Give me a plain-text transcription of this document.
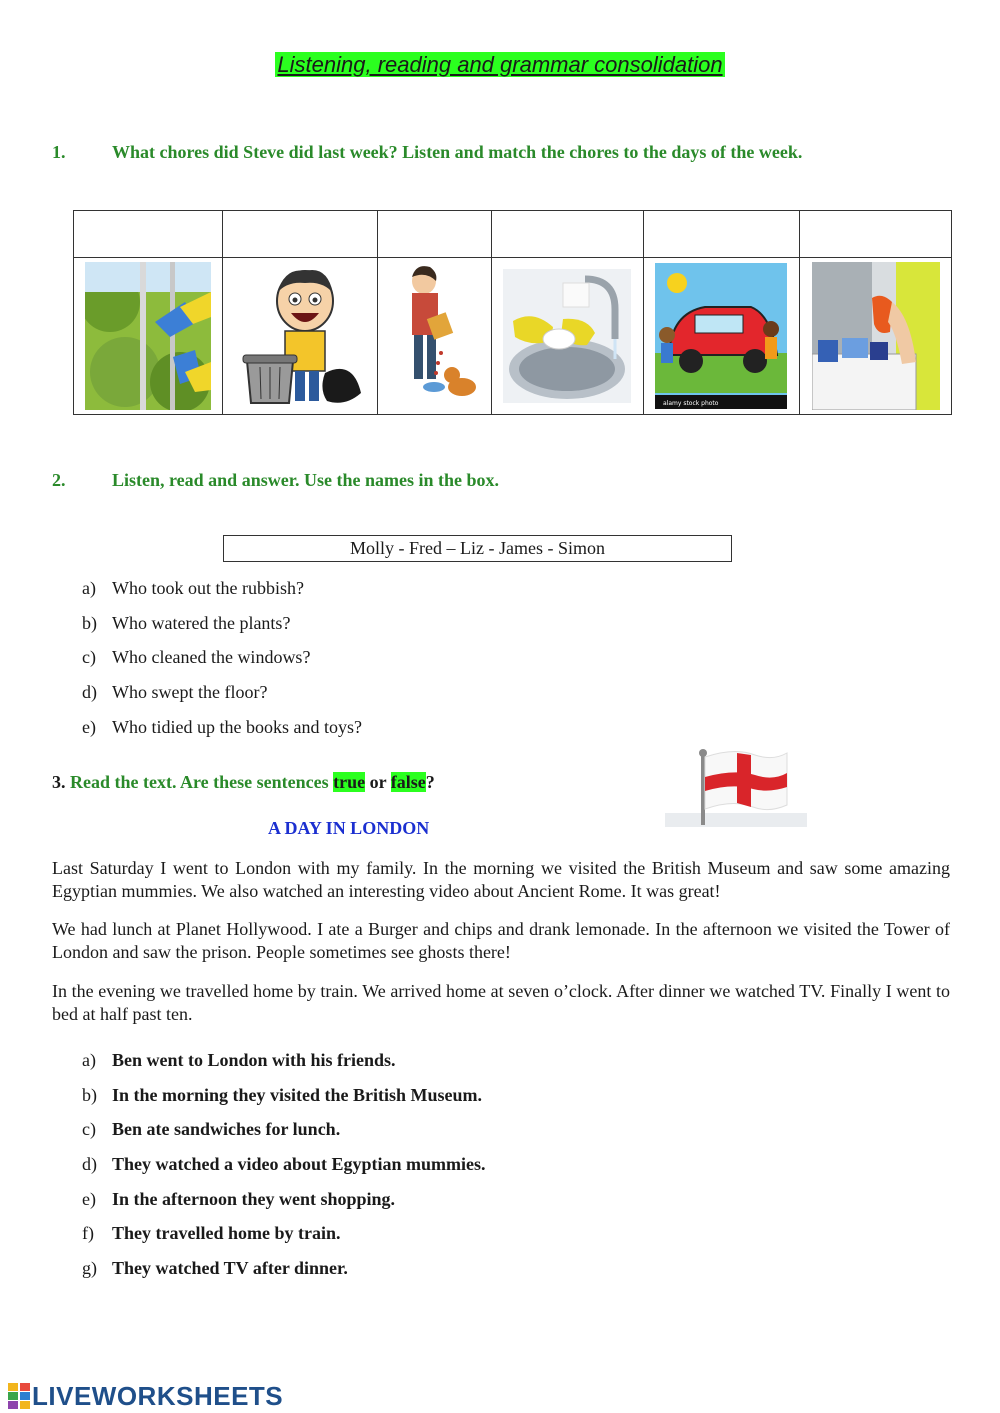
Listening, reading and grammar consolidation
1.	What chores did Steve did last week? Listen and match the chores to the days of the week.

alamy stock photo

2.	Listen, read and answer. Use the names in the box.
Molly - Fred – Liz - James - Simon
a) Who took out the rubbish?
b) Who watered the plants?
c) Who cleaned the windows?
d) Who swept the floor?
e) Who tidied up the books and toys?
3. Read the text. Are these sentences true or false?
A DAY IN LONDON

Last Saturday I went to London with my family. In the morning we visited the British Museum and saw some amazing Egyptian mummies. We also watched an interesting video about Ancient Rome. It was great!

We had lunch at Planet Hollywood. I ate a Burger and chips and drank lemonade. In the afternoon we visited the Tower of London and saw the prison. People sometimes see ghosts there!

In the evening we travelled home by train. We arrived home at seven o’clock. After dinner we watched TV. Finally I went to bed at half past ten.

a) Ben went to London with his friends.
b) In the morning they visited the British Museum.
c) Ben ate sandwiches for lunch.
d) They watched a video about Egyptian mummies.
e) In the afternoon they went shopping.
f) They travelled home by train.
g) They watched TV after dinner.
LIVEWORKSHEETS
